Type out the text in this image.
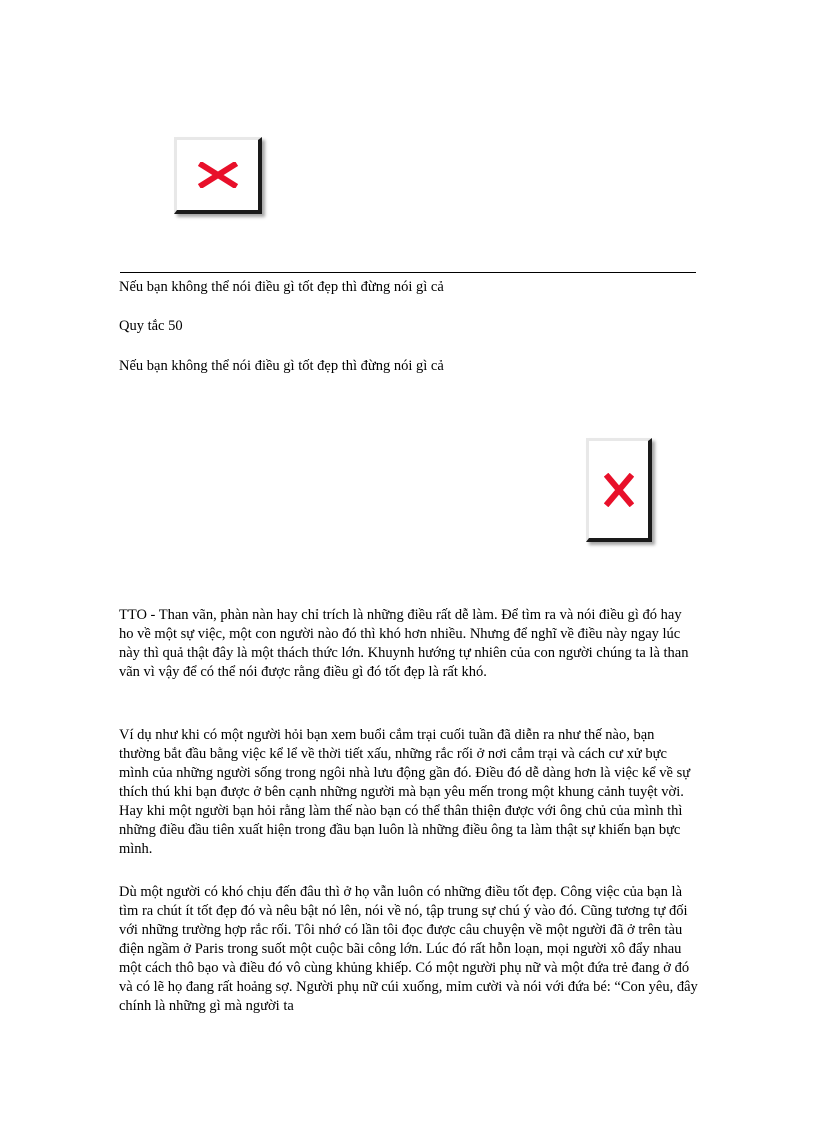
Nếu bạn không thể nói điều gì tốt đẹp thì đừng nói gì cả
Quy tắc 50
Nếu bạn không thể nói điều gì tốt đẹp thì đừng nói gì cả

TTO - Than vãn, phàn nàn hay chỉ trích là những điều rất dễ làm. Để tìm ra và nói điều gì đó hay ho về một sự việc, một con người nào đó thì khó hơn nhiều. Nhưng để nghĩ về điều này ngay lúc này thì quả thật đây là một thách thức lớn. Khuynh hướng tự nhiên của con người chúng ta là than vãn vì vậy để có thể nói được rằng điều gì đó tốt đẹp là rất khó.

Ví dụ như khi có một người hỏi bạn xem buổi cắm trại cuối tuần đã diễn ra như thế nào, bạn thường bắt đầu bằng việc kể lể về thời tiết xấu, những rắc rối ở nơi cắm trại và cách cư xử bực mình của những người sống trong ngôi nhà lưu động gần đó. Điều đó dễ dàng hơn là việc kể về sự thích thú khi bạn được ở bên cạnh những người mà bạn yêu mến trong một khung cảnh tuyệt vời. Hay khi một người bạn hỏi rằng làm thế nào bạn có thể thân thiện được với ông chủ của mình thì những điều đầu tiên xuất hiện trong đầu bạn luôn là những điều ông ta làm thật sự khiến bạn bực mình.

Dù một người có khó chịu đến đâu thì ở họ vẫn luôn có những điều tốt đẹp. Công việc của bạn là tìm ra chút ít tốt đẹp đó và nêu bật nó lên, nói về nó, tập trung sự chú ý vào đó. Cũng tương tự đối với những trường hợp rắc rối. Tôi nhớ có lần tôi đọc được câu chuyện về một người đã ở trên tàu điện ngầm ở Paris trong suốt một cuộc bãi công lớn. Lúc đó rất hỗn loạn, mọi người xô đẩy nhau một cách thô bạo và điều đó vô cùng khủng khiếp. Có một người phụ nữ và một đứa trẻ đang ở đó và có lẽ họ đang rất hoảng sợ. Người phụ nữ cúi xuống, mỉm cười và nói với đứa bé: “Con yêu, đây chính là những gì mà người ta
